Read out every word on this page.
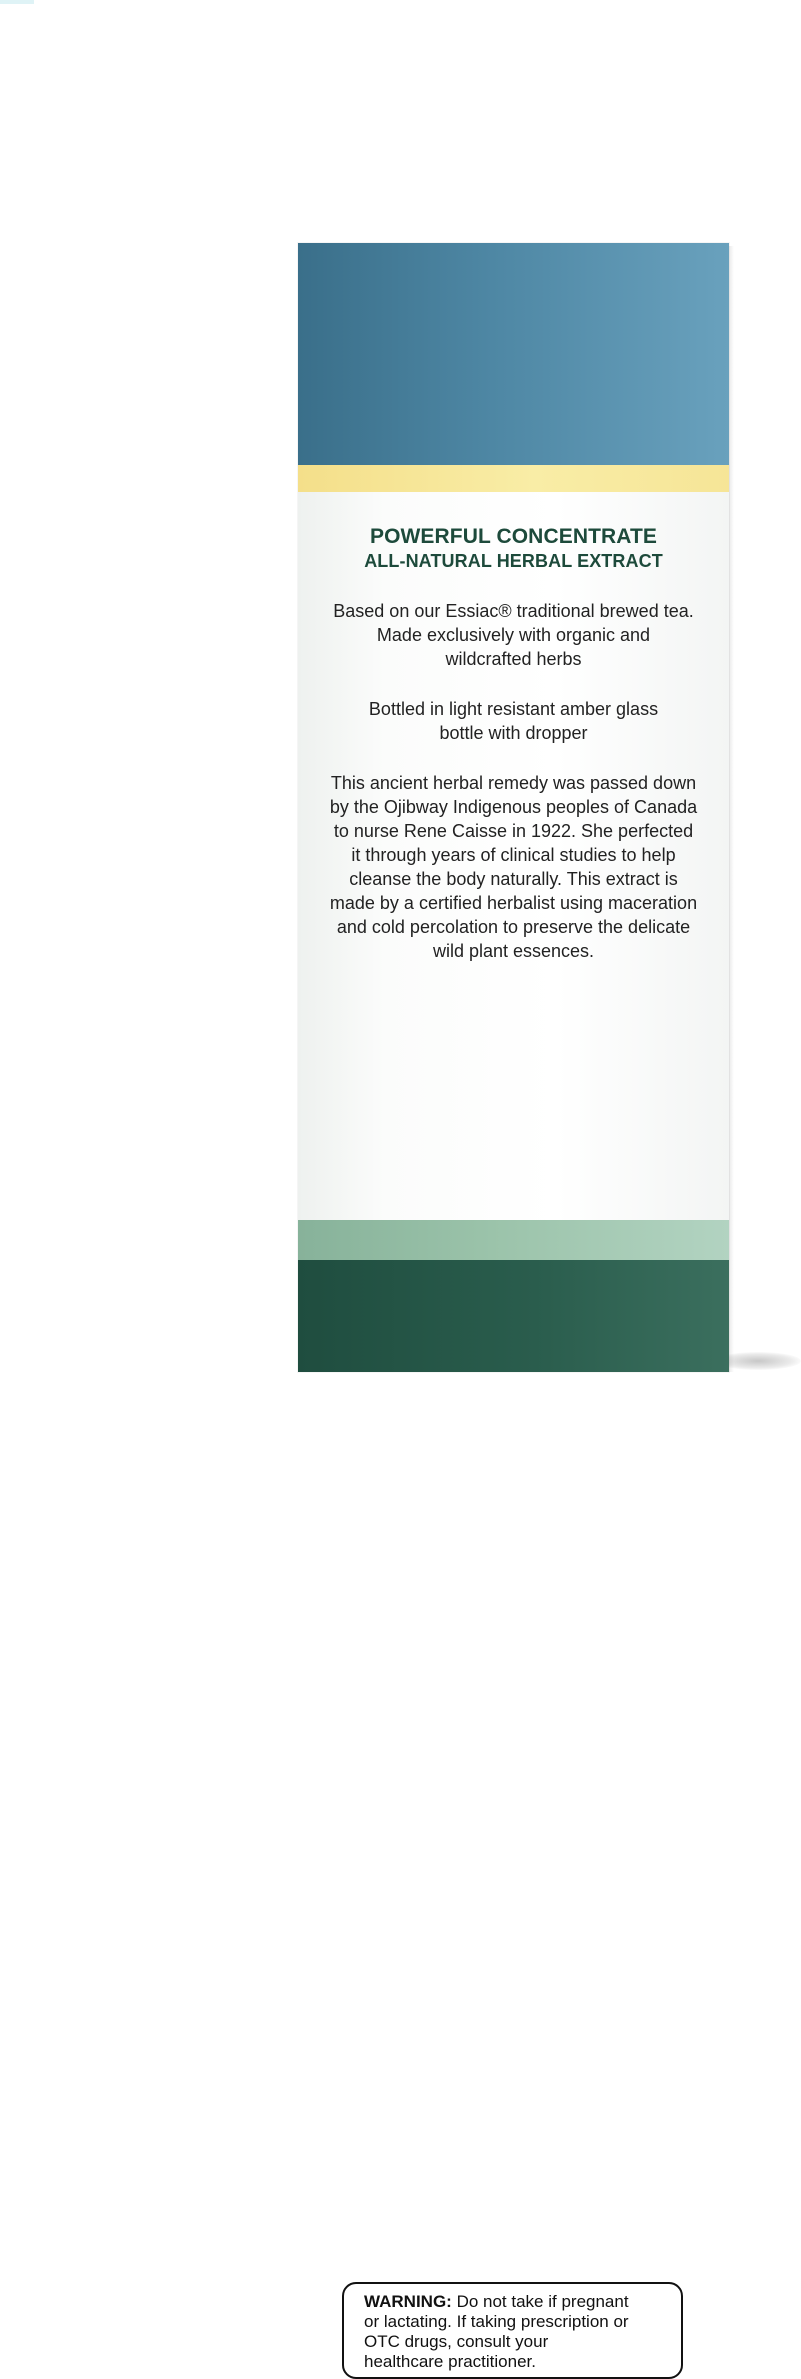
POWERFUL CONCENTRATE
ALL-NATURAL HERBAL EXTRACT
Based on our Essiac® traditional brewed tea.
Made exclusively with organic and
wildcrafted herbs
Bottled in light resistant amber glass
bottle with dropper
This ancient herbal remedy was passed down
by the Ojibway Indigenous peoples of Canada
to nurse Rene Caisse in 1922. She perfected
it through years of clinical studies to help
cleanse the body naturally. This extract is
made by a certified herbalist using maceration
and cold percolation to preserve the delicate
wild plant essences.
WARNING: Do not take if pregnant
or lactating. If taking prescription or
OTC drugs, consult your
healthcare practitioner.
